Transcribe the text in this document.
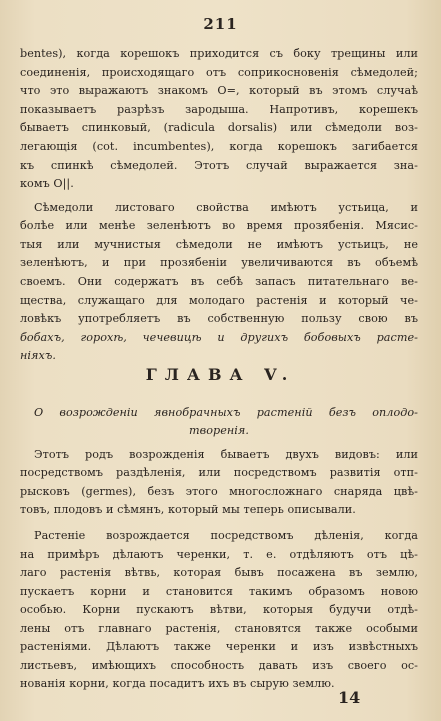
211
bentes), когда корешокъ приходится съ боку трещины или
соединенія, происходящаго отъ соприкосновенія сѣмедолей;
что это выражаютъ знакомъ О=, который въ этомъ случаѣ
показываетъ разрѣзъ зародыша. Напротивъ, корешекъ
бываетъ спинковый, (radicula dorsalis) или сѣмедоли воз-
легающія (cot. incumbentes), когда корешокъ загибается
къ спинкѣ сѣмедолей. Этотъ случай выражается зна-
комъ О||.
Сѣмедоли листоваго свойства имѣютъ устьица, и
болѣе или менѣе зеленѣютъ во время прозябенія. Мясис-
тыя или мучнистыя сѣмедоли не имѣютъ устьицъ, не
зеленѣютъ, и при прозябеніи увеличиваются въ объемѣ
своемъ. Они содержатъ въ себѣ запасъ питательнаго ве-
щества, служащаго для молодаго растенія и который че-
ловѣкъ употребляетъ въ собственную пользу свою въ
бобахъ, горохѣ, чечевицѣ и другихъ бобовыхъ расте-
ніяхъ.
ГЛАВА V.
О возрожденіи явнобрачныхъ растеній безъ оплодо-
творенія.
Этотъ родъ возрожденія бываетъ двухъ видовъ: или
посредствомъ раздѣленія, или посредствомъ развитія отп-
рысковъ (germes), безъ этого многосложнаго снаряда цвѣ-
товъ, плодовъ и сѣмянъ, который мы теперь описывали.
Растеніе возрождается посредствомъ дѣленія, когда
на примѣръ дѣлаютъ черенки, т. е. отдѣляютъ отъ цѣ-
лаго растенія вѣтвь, которая бывъ посажена въ землю,
пускаетъ корни и становится такимъ образомъ новою
особью. Корни пускаютъ вѣтви, которыя будучи отдѣ-
лены отъ главнаго растенія, становятся также особыми
растеніями. Дѣлаютъ также черенки и изъ извѣстныхъ
листьевъ, имѣющихъ способность давать изъ своего ос-
нованія корни, когда посадитъ ихъ въ сырую землю.
14
